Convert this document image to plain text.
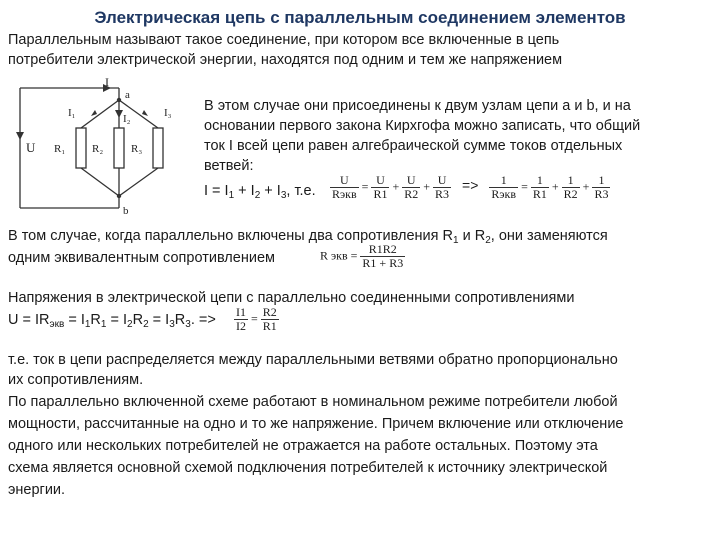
Электрическая цепь с параллельным соединением элементов
Параллельным называют такое соединение, при котором все включенные в цепь
потребители электрической энергии, находятся под одним и тем же напряжением
U
I
a
b
I₁	I₂	I₃
R₁ R₂	R₃
В этом случае они присоединены к двум узлам цепи a и b, и на
основании первого закона Кирхгофа можно записать, что общий
ток I всей цепи равен алгебраической сумме токов отдельных
ветвей:
$I = I_1 + I_2 + I_3$, т.е. $\frac{U}{\text{Rэкв}} = \frac{U}{R1} + \frac{U}{R2} + \frac{U}{R3} => \frac{1}{\text{Rэкв}} = \frac{1}{R1} + \frac{1}{R2} + \frac{1}{R3}$
В том случае, когда параллельно включены два сопротивления $R_1$ и $R_2$, они заменяются
одним эквивалентным сопротивлением	R экв = $\frac{R1R2}{R1 + R3}$
Напряжения в электрической цепи с параллельно соединенными сопротивлениями
$U = IR_{экв} = I_1R_1 = I_2R_2 = I_3R_3$. => $\frac{I1}{I2} = \frac{R2}{R1}$
т.е. ток в цепи распределяется между параллельными ветвями обратно пропорционально
их сопротивлениям.
По параллельно включенной схеме работают в номинальном режиме потребители любой
мощности, рассчитанные на одно и то же напряжение. Причем включение или отключение
одного или нескольких потребителей не отражается на работе остальных. Поэтому эта
схема является основной схемой подключения потребителей к источнику электрической
энергии.
